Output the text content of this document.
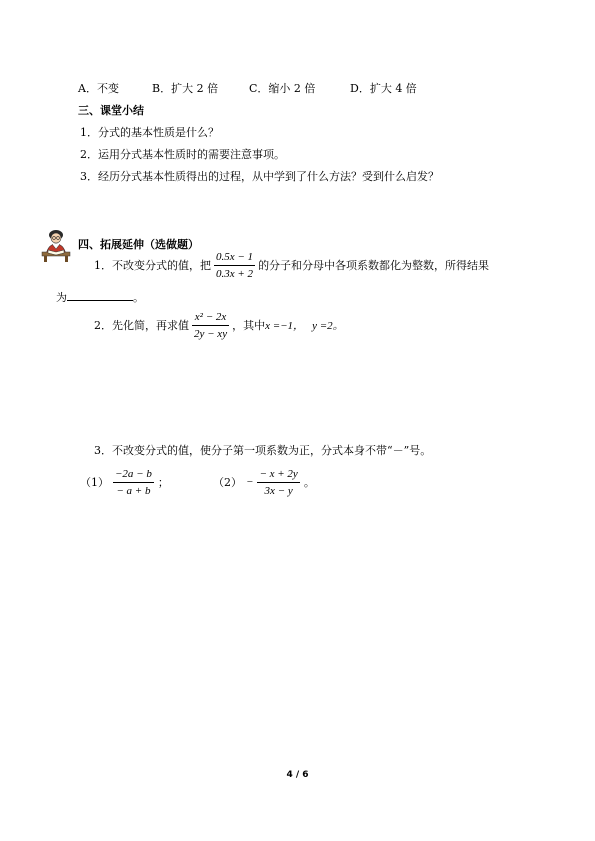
A．不变	B．扩大 2 倍	C．缩小 2 倍	D．扩大 4 倍
三、课堂小结
1．分式的基本性质是什么？
2．运用分式基本性质时的需要注意事项。
3．经历分式基本性质得出的过程，从中学到了什么方法？受到什么启发？
四、拓展延伸（选做题）
1．不改变分式的值，把 $\frac{0.5x - 1}{0.3x + 2}$ 的分子和分母中各项系数都化为整数，所得结果
为	。
2．先化简，再求值 $\frac{\text{x² − 2x}}{2y - xy}$ ，其中 x =−1， y =2。
3．不改变分式的值，使分子第一项系数为正，分式本身不带“－”号。
$(1) \frac{-2a - b}{- a + b}$ ；	$(2) - \frac{- x + 2y}{3x - y}$ 。
4 / 6
